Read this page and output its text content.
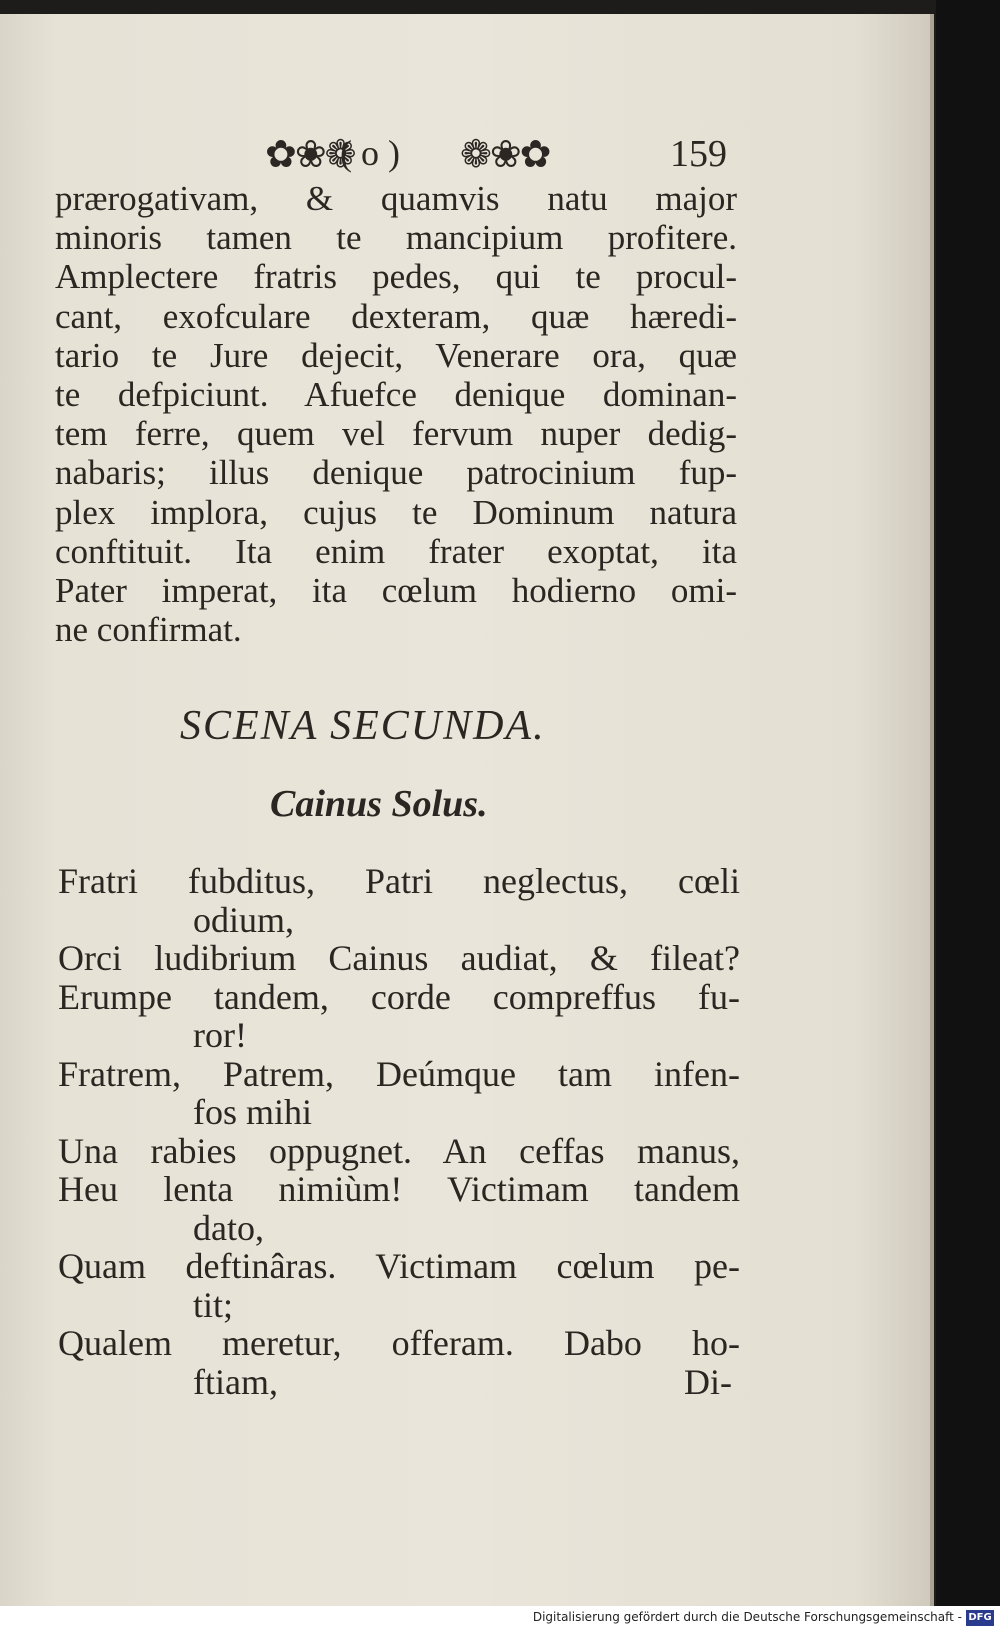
✿❀❁
( o ) ❁❀✿	159
prærogativam, & quamvis natu major
minoris tamen te mancipium profitere.
Amplectere fratris pedes, qui te procul-
cant, exofculare dexteram, quæ hæredi-
tario te Jure dejecit, Venerare ora, quæ
te defpiciunt. Afuefce denique dominan-
tem ferre, quem vel fervum nuper dedig-
nabaris; illus denique patrocinium fup-
plex implora, cujus te Dominum natura
conftituit. Ita enim frater exoptat, ita
Pater imperat, ita cœlum hodierno omi-
ne confirmat.
SCENA SECUNDA.
Cainus Solus.
Fratri fubditus, Patri neglectus, cœli
odium,
Orci ludibrium Cainus audiat, & fileat?
Erumpe tandem, corde compreffus fu-
ror!
Fratrem, Patrem, Deúmque tam infen-
fos mihi
Una rabies oppugnet. An ceffas manus,
Heu lenta nimiùm! Victimam tandem
dato,
Quam deftinâras. Victimam cœlum pe-
tit;
Qualem meretur, offeram. Dabo ho-
ftiam,	Di-
Digitalisierung gefördert durch die Deutsche Forschungsgemeinschaft - DFG
